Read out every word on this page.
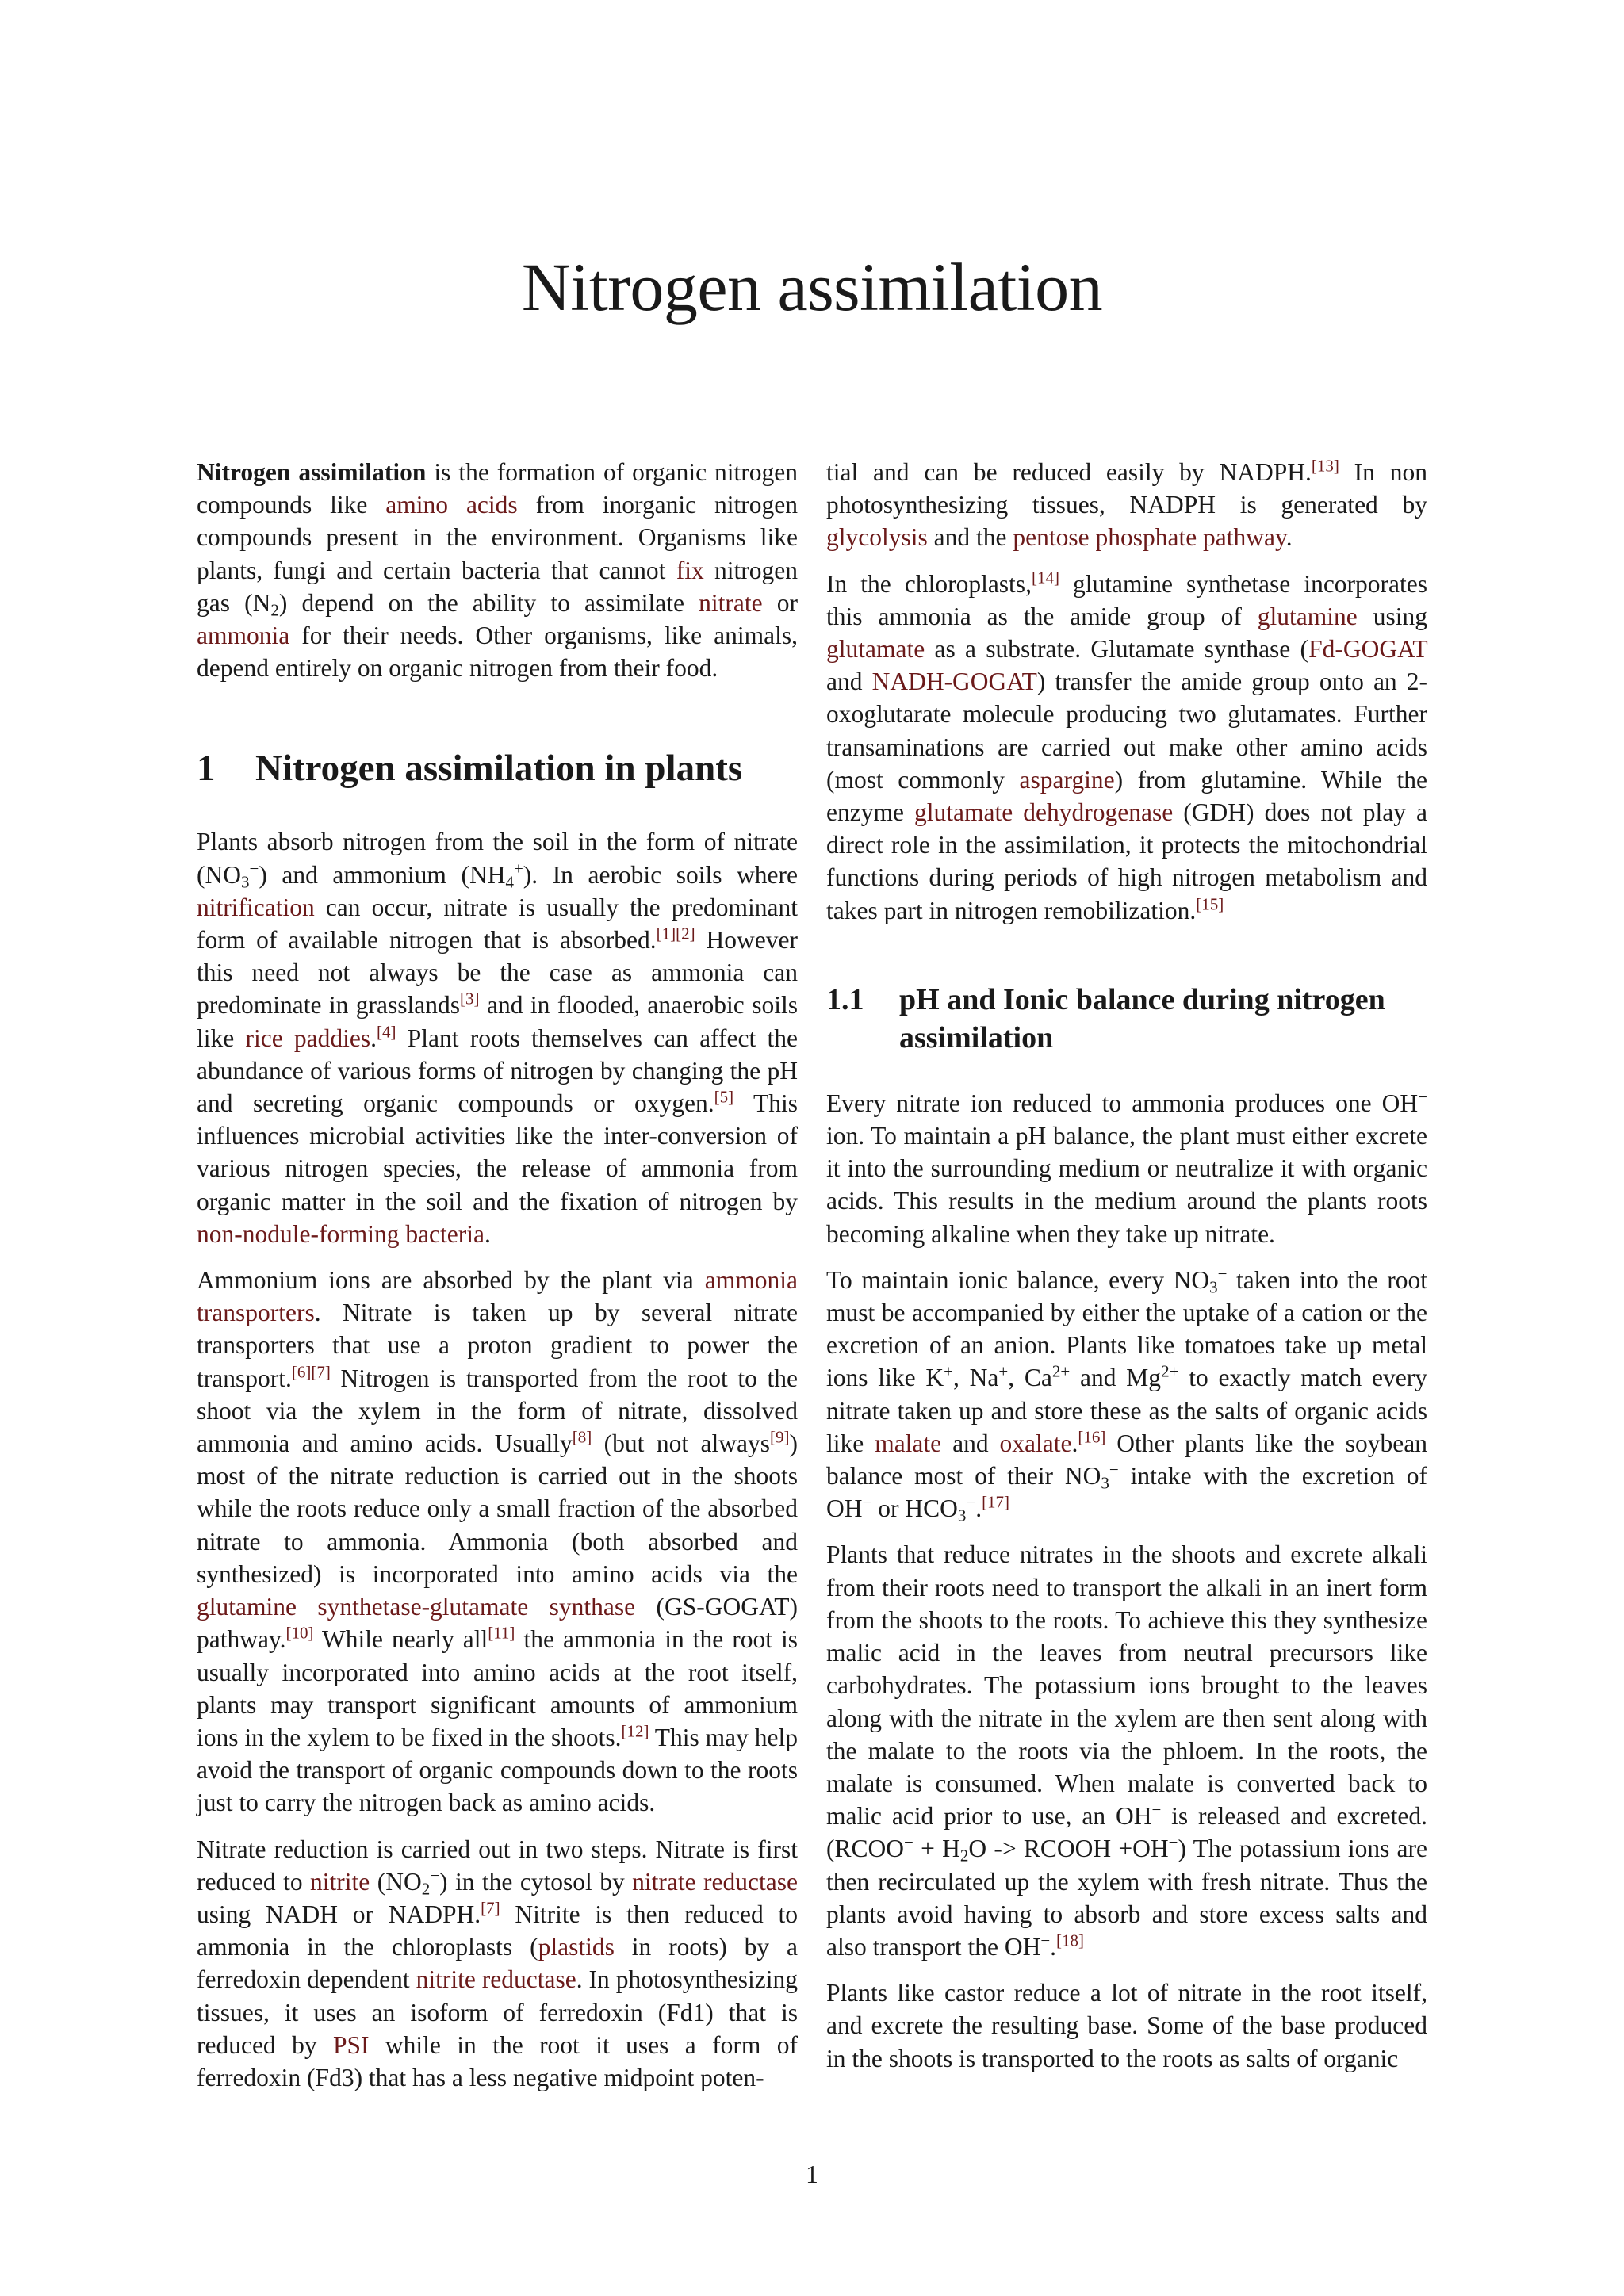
Nitrogen assimilation

Nitrogen assimilation is the formation of organic nitrogen compounds like amino acids from inorganic nitrogen compounds present in the environment. Organisms like plants, fungi and certain bacteria that cannot fix nitrogen gas $(N_2)$ depend on the ability to assimilate nitrate or ammonia for their needs. Other organisms, like animals, depend entirely on organic nitrogen from their food.

1	Nitrogen assimilation in plants

Plants absorb nitrogen from the soil in the form of nitrate $(NO_3^-)$ and ammonium $(NH_4^+)$. In aerobic soils where nitrification can occur, nitrate is usually the predominant form of available nitrogen that is absorbed.[1][2] However this need not always be the case as ammonia can predominate in grasslands[3] and in flooded, anaerobic soils like rice paddies.[4] Plant roots themselves can affect the abundance of various forms of nitrogen by changing the pH and secreting organic compounds or oxygen.[5] This influences microbial activities like the inter-conversion of various nitrogen species, the release of ammonia from organic matter in the soil and the fixation of nitrogen by non-nodule-forming bacteria.

Ammonium ions are absorbed by the plant via ammonia transporters. Nitrate is taken up by several nitrate transporters that use a proton gradient to power the transport.[6][7] Nitrogen is transported from the root to the shoot via the xylem in the form of nitrate, dissolved ammonia and amino acids. Usually[8] (but not always[9]) most of the nitrate reduction is carried out in the shoots while the roots reduce only a small fraction of the absorbed nitrate to ammonia. Ammonia (both absorbed and synthesized) is incorporated into amino acids via the glutamine synthetase-glutamate synthase (GS-GOGAT) pathway.[10] While nearly all[11] the ammonia in the root is usually incorporated into amino acids at the root itself, plants may transport significant amounts of ammonium ions in the xylem to be fixed in the shoots.[12] This may help avoid the transport of organic compounds down to the roots just to carry the nitrogen back as amino acids.

Nitrate reduction is carried out in two steps. Nitrate is first reduced to nitrite $(NO_2^-)$ in the cytosol by nitrate reductase using NADH or NADPH.[7] Nitrite is then reduced to ammonia in the chloroplasts (plastids in roots) by a ferredoxin dependent nitrite reductase. In photosynthesizing tissues, it uses an isoform of ferredoxin (Fd1) that is reduced by PSI while in the root it uses a form of ferredoxin (Fd3) that has a less negative midpoint poten-

tial and can be reduced easily by NADPH.[13] In non photosynthesizing tissues, NADPH is generated by glycolysis and the pentose phosphate pathway.

In the chloroplasts,[14] glutamine synthetase incorporates this ammonia as the amide group of glutamine using glutamate as a substrate. Glutamate synthase (Fd-GOGAT and NADH-GOGAT) transfer the amide group onto an 2-oxoglutarate molecule producing two glutamates. Further transaminations are carried out make other amino acids (most commonly aspargine) from glutamine. While the enzyme glutamate dehydrogenase (GDH) does not play a direct role in the assimilation, it protects the mitochondrial functions during periods of high nitrogen metabolism and takes part in nitrogen remobilization.[15]

1.1	pH and Ionic balance during nitrogen assimilation

Every nitrate ion reduced to ammonia produces one OH− ion. To maintain a pH balance, the plant must either excrete it into the surrounding medium or neutralize it with organic acids. This results in the medium around the plants roots becoming alkaline when they take up nitrate.

To maintain ionic balance, every $NO_3^-$ taken into the root must be accompanied by either the uptake of a cation or the excretion of an anion. Plants like tomatoes take up metal ions like K+, Na+, $Ca^{2+}$ and $Mg^{2+}$ to exactly match every nitrate taken up and store these as the salts of organic acids like malate and oxalate.[16] Other plants like the soybean balance most of their $NO_3^-$ intake with the excretion of OH− or $HCO_3^-.[17]$

Plants that reduce nitrates in the shoots and excrete alkali from their roots need to transport the alkali in an inert form from the shoots to the roots. To achieve this they synthesize malic acid in the leaves from neutral precursors like carbohydrates. The potassium ions brought to the leaves along with the nitrate in the xylem are then sent along with the malate to the roots via the phloem. In the roots, the malate is consumed. When malate is converted back to malic acid prior to use, an OH− is released and excreted. (RCOO− + $H_2O$ -> RCOOH +OH−) The potassium ions are then recirculated up the xylem with fresh nitrate. Thus the plants avoid having to absorb and store excess salts and also transport the OH−.[18]

Plants like castor reduce a lot of nitrate in the root itself, and excrete the resulting base. Some of the base produced in the shoots is transported to the roots as salts of organic

1
